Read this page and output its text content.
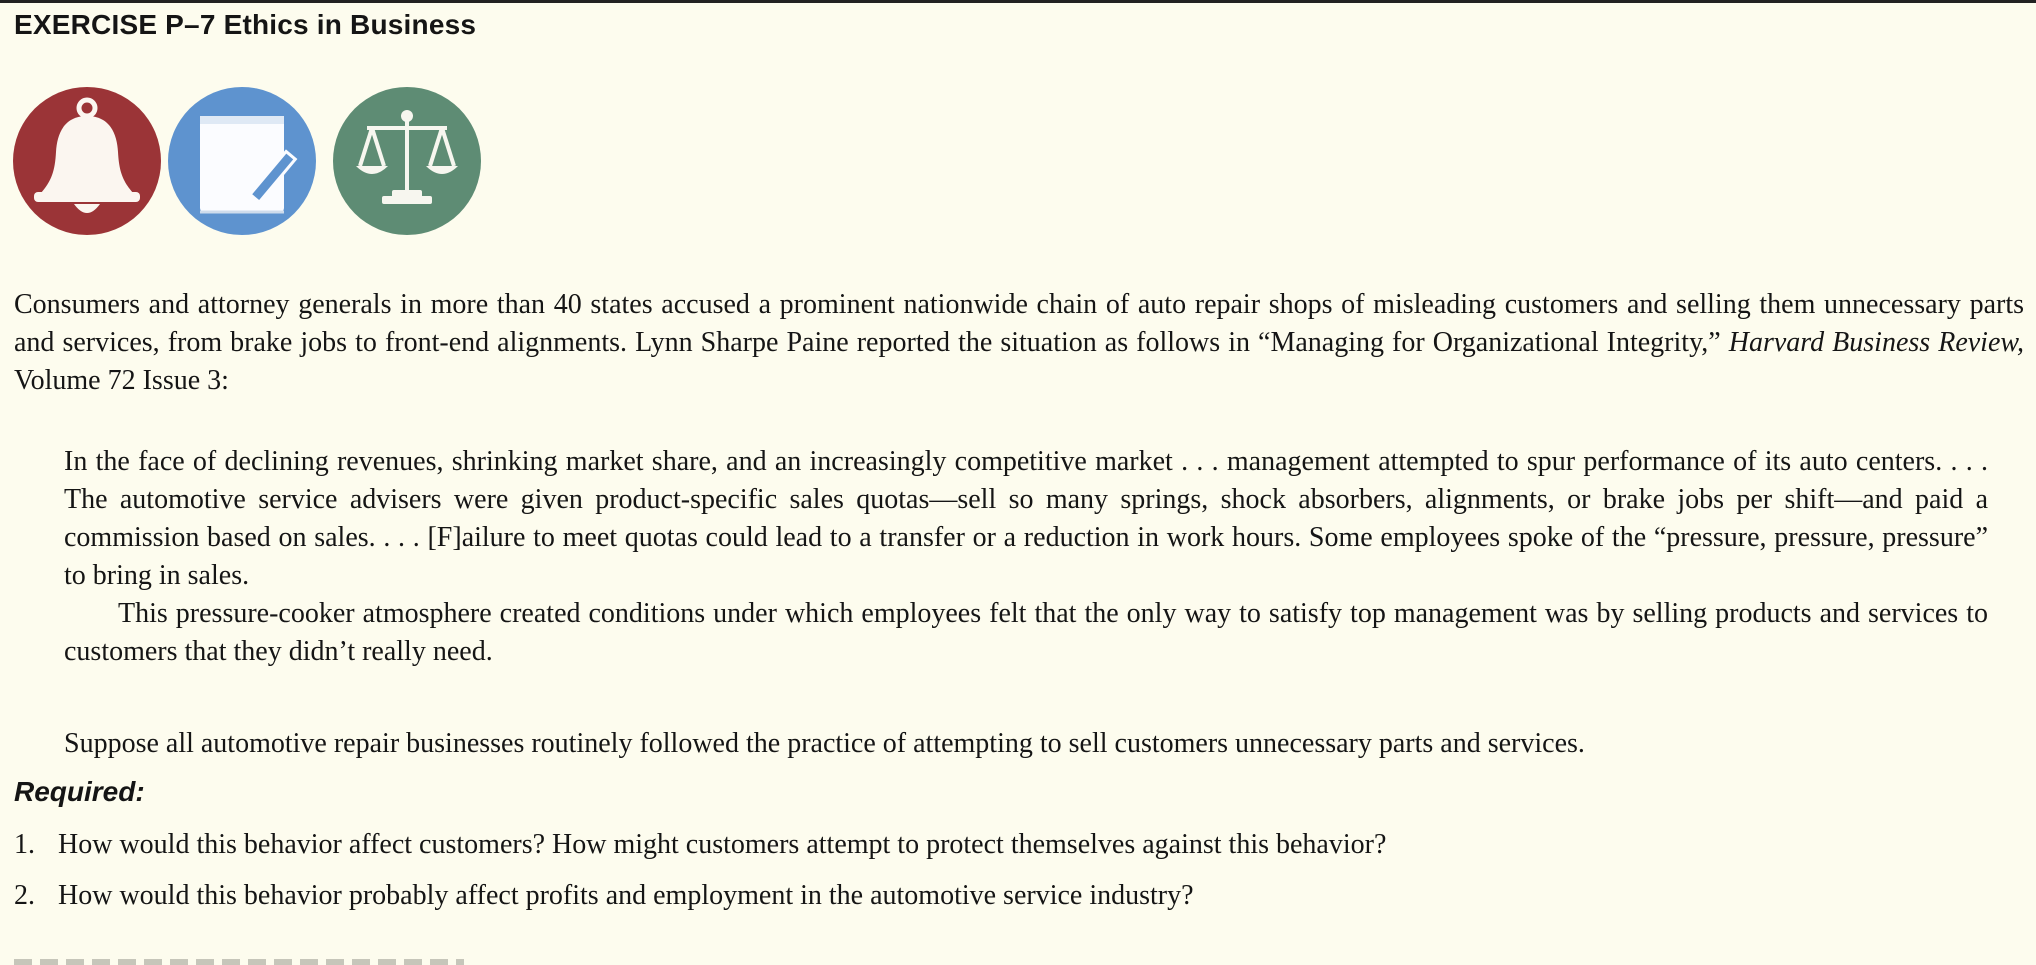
EXERCISE P–7 Ethics in Business

Consumers and attorney generals in more than 40 states accused a prominent nationwide chain of auto repair shops of misleading customers and selling them unnecessary parts and services, from brake jobs to front-end alignments. Lynn Sharpe Paine reported the situation as follows in “Managing for Organizational Integrity,” Harvard Business Review, Volume 72 Issue 3:

In the face of declining revenues, shrinking market share, and an increasingly competitive market . . . management attempted to spur performance of its auto centers. . . . The automotive service advisers were given product-specific sales quotas—sell so many springs, shock absorbers, alignments, or brake jobs per shift—and paid a commission based on sales. . . . [F]ailure to meet quotas could lead to a transfer or a reduction in work hours. Some employees spoke of the “pressure, pressure, pressure” to bring in sales.

This pressure-cooker atmosphere created conditions under which employees felt that the only way to satisfy top management was by selling products and services to customers that they didn’t really need.

Suppose all automotive repair businesses routinely followed the practice of attempting to sell customers unnecessary parts and services.

Required:

1. How would this behavior affect customers? How might customers attempt to protect themselves against this behavior?

2. How would this behavior probably affect profits and employment in the automotive service industry?
